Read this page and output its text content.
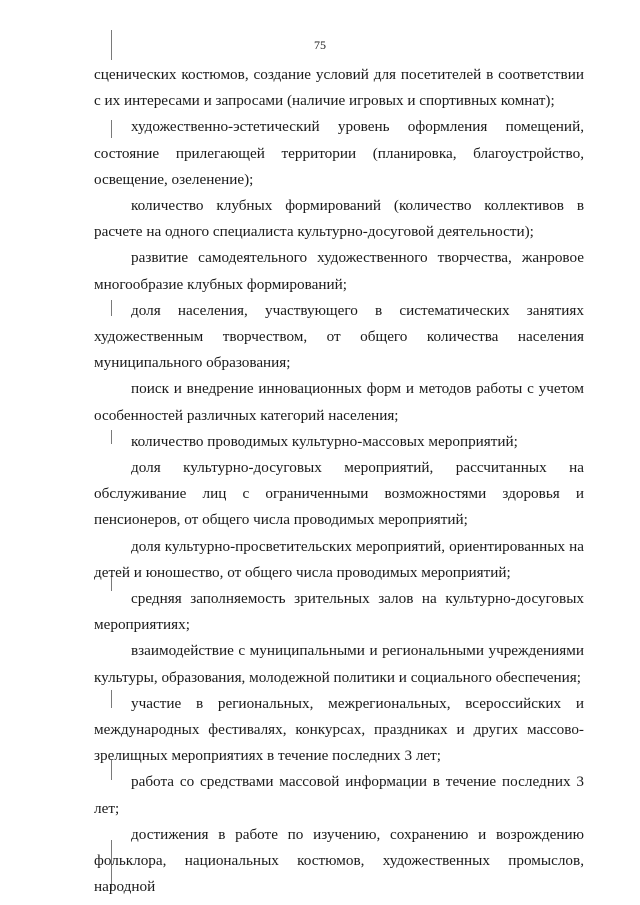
75

сценических костюмов, создание условий для посетителей в соответствии с их интересами и запросами (наличие игровых и спортивных комнат);

художественно-эстетический уровень оформления помещений, состояние прилегающей территории (планировка, благоустройство, освещение, озеленение);

количество клубных формирований (количество коллективов в расчете на одного специалиста культурно-досуговой деятельности);

развитие самодеятельного художественного творчества, жанровое многообразие клубных формирований;

доля населения, участвующего в систематических занятиях художественным творчеством, от общего количества населения муниципального образования;

поиск и внедрение инновационных форм и методов работы с учетом особенностей различных категорий населения;

количество проводимых культурно-массовых мероприятий;

доля культурно-досуговых мероприятий, рассчитанных на обслуживание лиц с ограниченными возможностями здоровья и пенсионеров, от общего числа проводимых мероприятий;

доля культурно-просветительских мероприятий, ориентированных на детей и юношество, от общего числа проводимых мероприятий;

средняя заполняемость зрительных залов на культурно-досуговых мероприятиях;

взаимодействие с муниципальными и региональными учреждениями культуры, образования, молодежной политики и социального обеспечения;

участие в региональных, межрегиональных, всероссийских и международных фестивалях, конкурсах, праздниках и других массово-зрелищных мероприятиях в течение последних 3 лет;

работа со средствами массовой информации в течение последних 3 лет;

достижения в работе по изучению, сохранению и возрождению фольклора, национальных костюмов, художественных промыслов, народной
